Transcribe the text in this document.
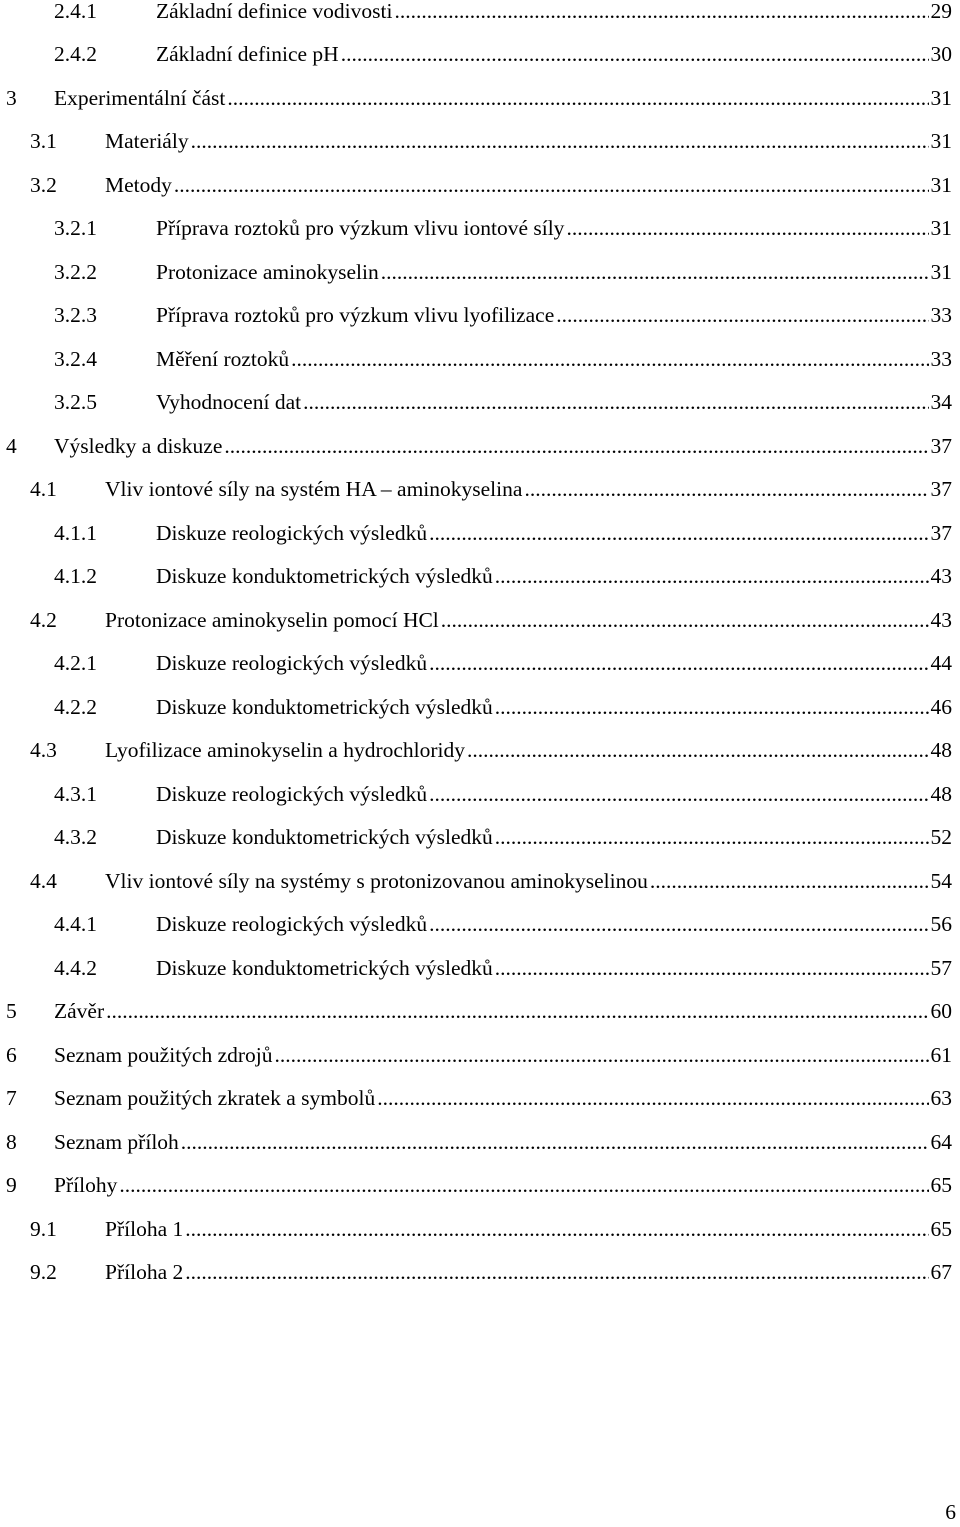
2.4.1	Základní definice vodivosti .....	29
2.4.2	Základní definice pH .....	30
3	Experimentální část .....	31
3.1	Materiály .....	31
3.2	Metody .....	31
3.2.1	Příprava roztoků pro výzkum vlivu iontové síly .....	31
3.2.2	Protonizace aminokyselin .....	31
3.2.3	Příprava roztoků pro výzkum vlivu lyofilizace .....	33
3.2.4	Měření roztoků .....	33
3.2.5	Vyhodnocení dat .....	34
4	Výsledky a diskuze .....	37
4.1	Vliv iontové síly na systém HA – aminokyselina .....	37
4.1.1	Diskuze reologických výsledků .....	37
4.1.2	Diskuze konduktometrických výsledků .....	43
4.2	Protonizace aminokyselin pomocí HCl .....	43
4.2.1	Diskuze reologických výsledků .....	44
4.2.2	Diskuze konduktometrických výsledků .....	46
4.3	Lyofilizace aminokyselin a hydrochloridy .....	48
4.3.1	Diskuze reologických výsledků .....	48
4.3.2	Diskuze konduktometrických výsledků .....	52
4.4	Vliv iontové síly na systémy s protonizovanou aminokyselinou .....	54
4.4.1	Diskuze reologických výsledků .....	56
4.4.2	Diskuze konduktometrických výsledků .....	57
5	Závěr .....	60
6	Seznam použitých zdrojů .....	61
7	Seznam použitých zkratek a symbolů .....	63
8	Seznam příloh .....	64
9	Přílohy .....	65
9.1	Příloha 1 .....	65
9.2	Příloha 2 .....	67
6
